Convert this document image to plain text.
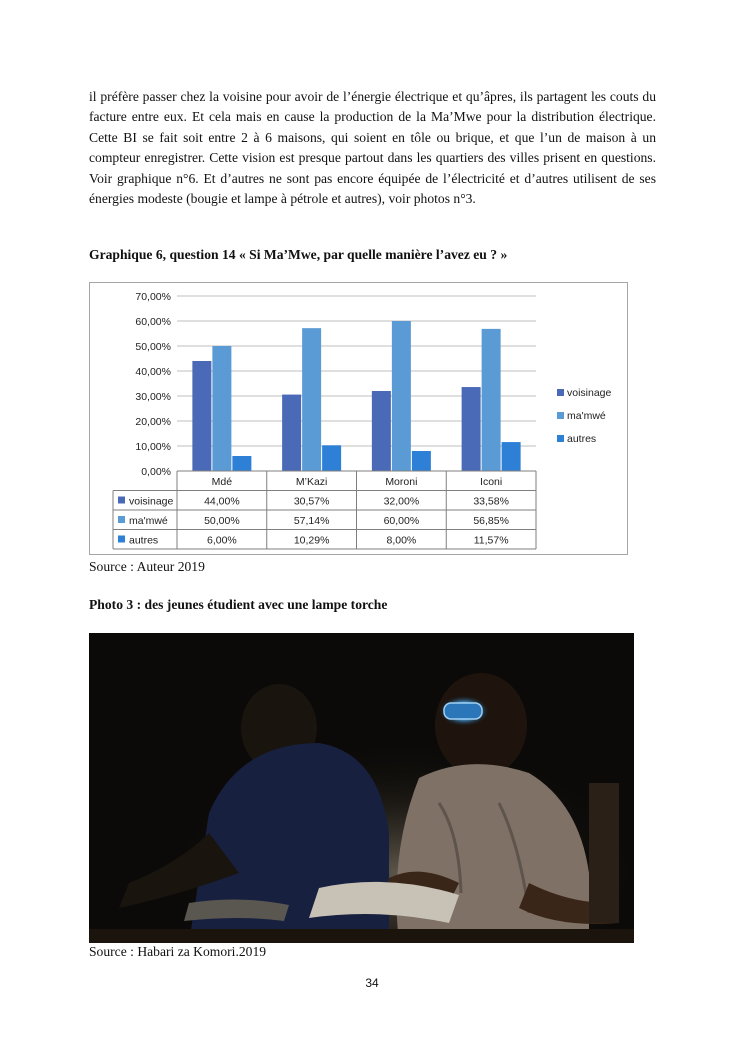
il préfère passer chez la voisine pour avoir de l’énergie électrique et qu’âpres, ils partagent les couts du facture entre eux. Et cela mais en cause la production de la Ma’Mwe pour la distribution électrique. Cette BI se fait soit entre 2 à 6 maisons, qui soient en tôle ou brique, et que l’un de maison à un compteur enregistrer. Cette vision est presque partout dans les quartiers des villes prisent en questions. Voir graphique n°6. Et d’autres ne sont pas encore équipée de l’électricité et d’autres utilisent de ses énergies modeste (bougie et lampe à pétrole et autres), voir photos n°3.

Graphique 6, question 14 « Si Ma’Mwe, par quelle manière l’avez eu ? »

70,00%
60,00%
50,00%
40,00%
30,00%
20,00%
10,00%
0,00%
Mdé	M’Kazi	Moroni	Iconi
voisinage	44,00%	30,57%	32,00%	33,58%
ma'mwé	50,00%	57,14%	60,00%	56,85%
autres	6,00%	10,29%	8,00%	11,57%
voisinage
ma'mwé
autres

Source : Auteur 2019

Photo 3 : des jeunes étudient avec une lampe torche

Source : Habari za Komori.2019

34
